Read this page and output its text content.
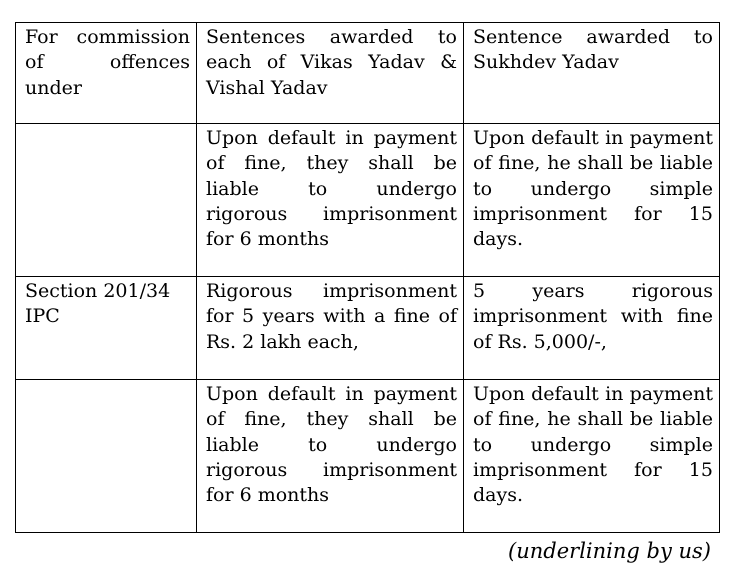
For commission of offences under	Sentences awarded to each of Vikas Yadav & Vishal Yadav	Sentence awarded to Sukhdev Yadav
	Upon default in payment of fine, they shall be liable to undergo rigorous imprisonment for 6 months	Upon default in payment of fine, he shall be liable to undergo simple imprisonment for 15 days.
Section 201/34 IPC	Rigorous imprisonment for 5 years with a fine of Rs. 2 lakh each,	5 years rigorous imprisonment with fine of Rs. 5,000/-,
	Upon default in payment of fine, they shall be liable to undergo rigorous imprisonment for 6 months	Upon default in payment of fine, he shall be liable to undergo simple imprisonment for 15 days.
(underlining by us)
